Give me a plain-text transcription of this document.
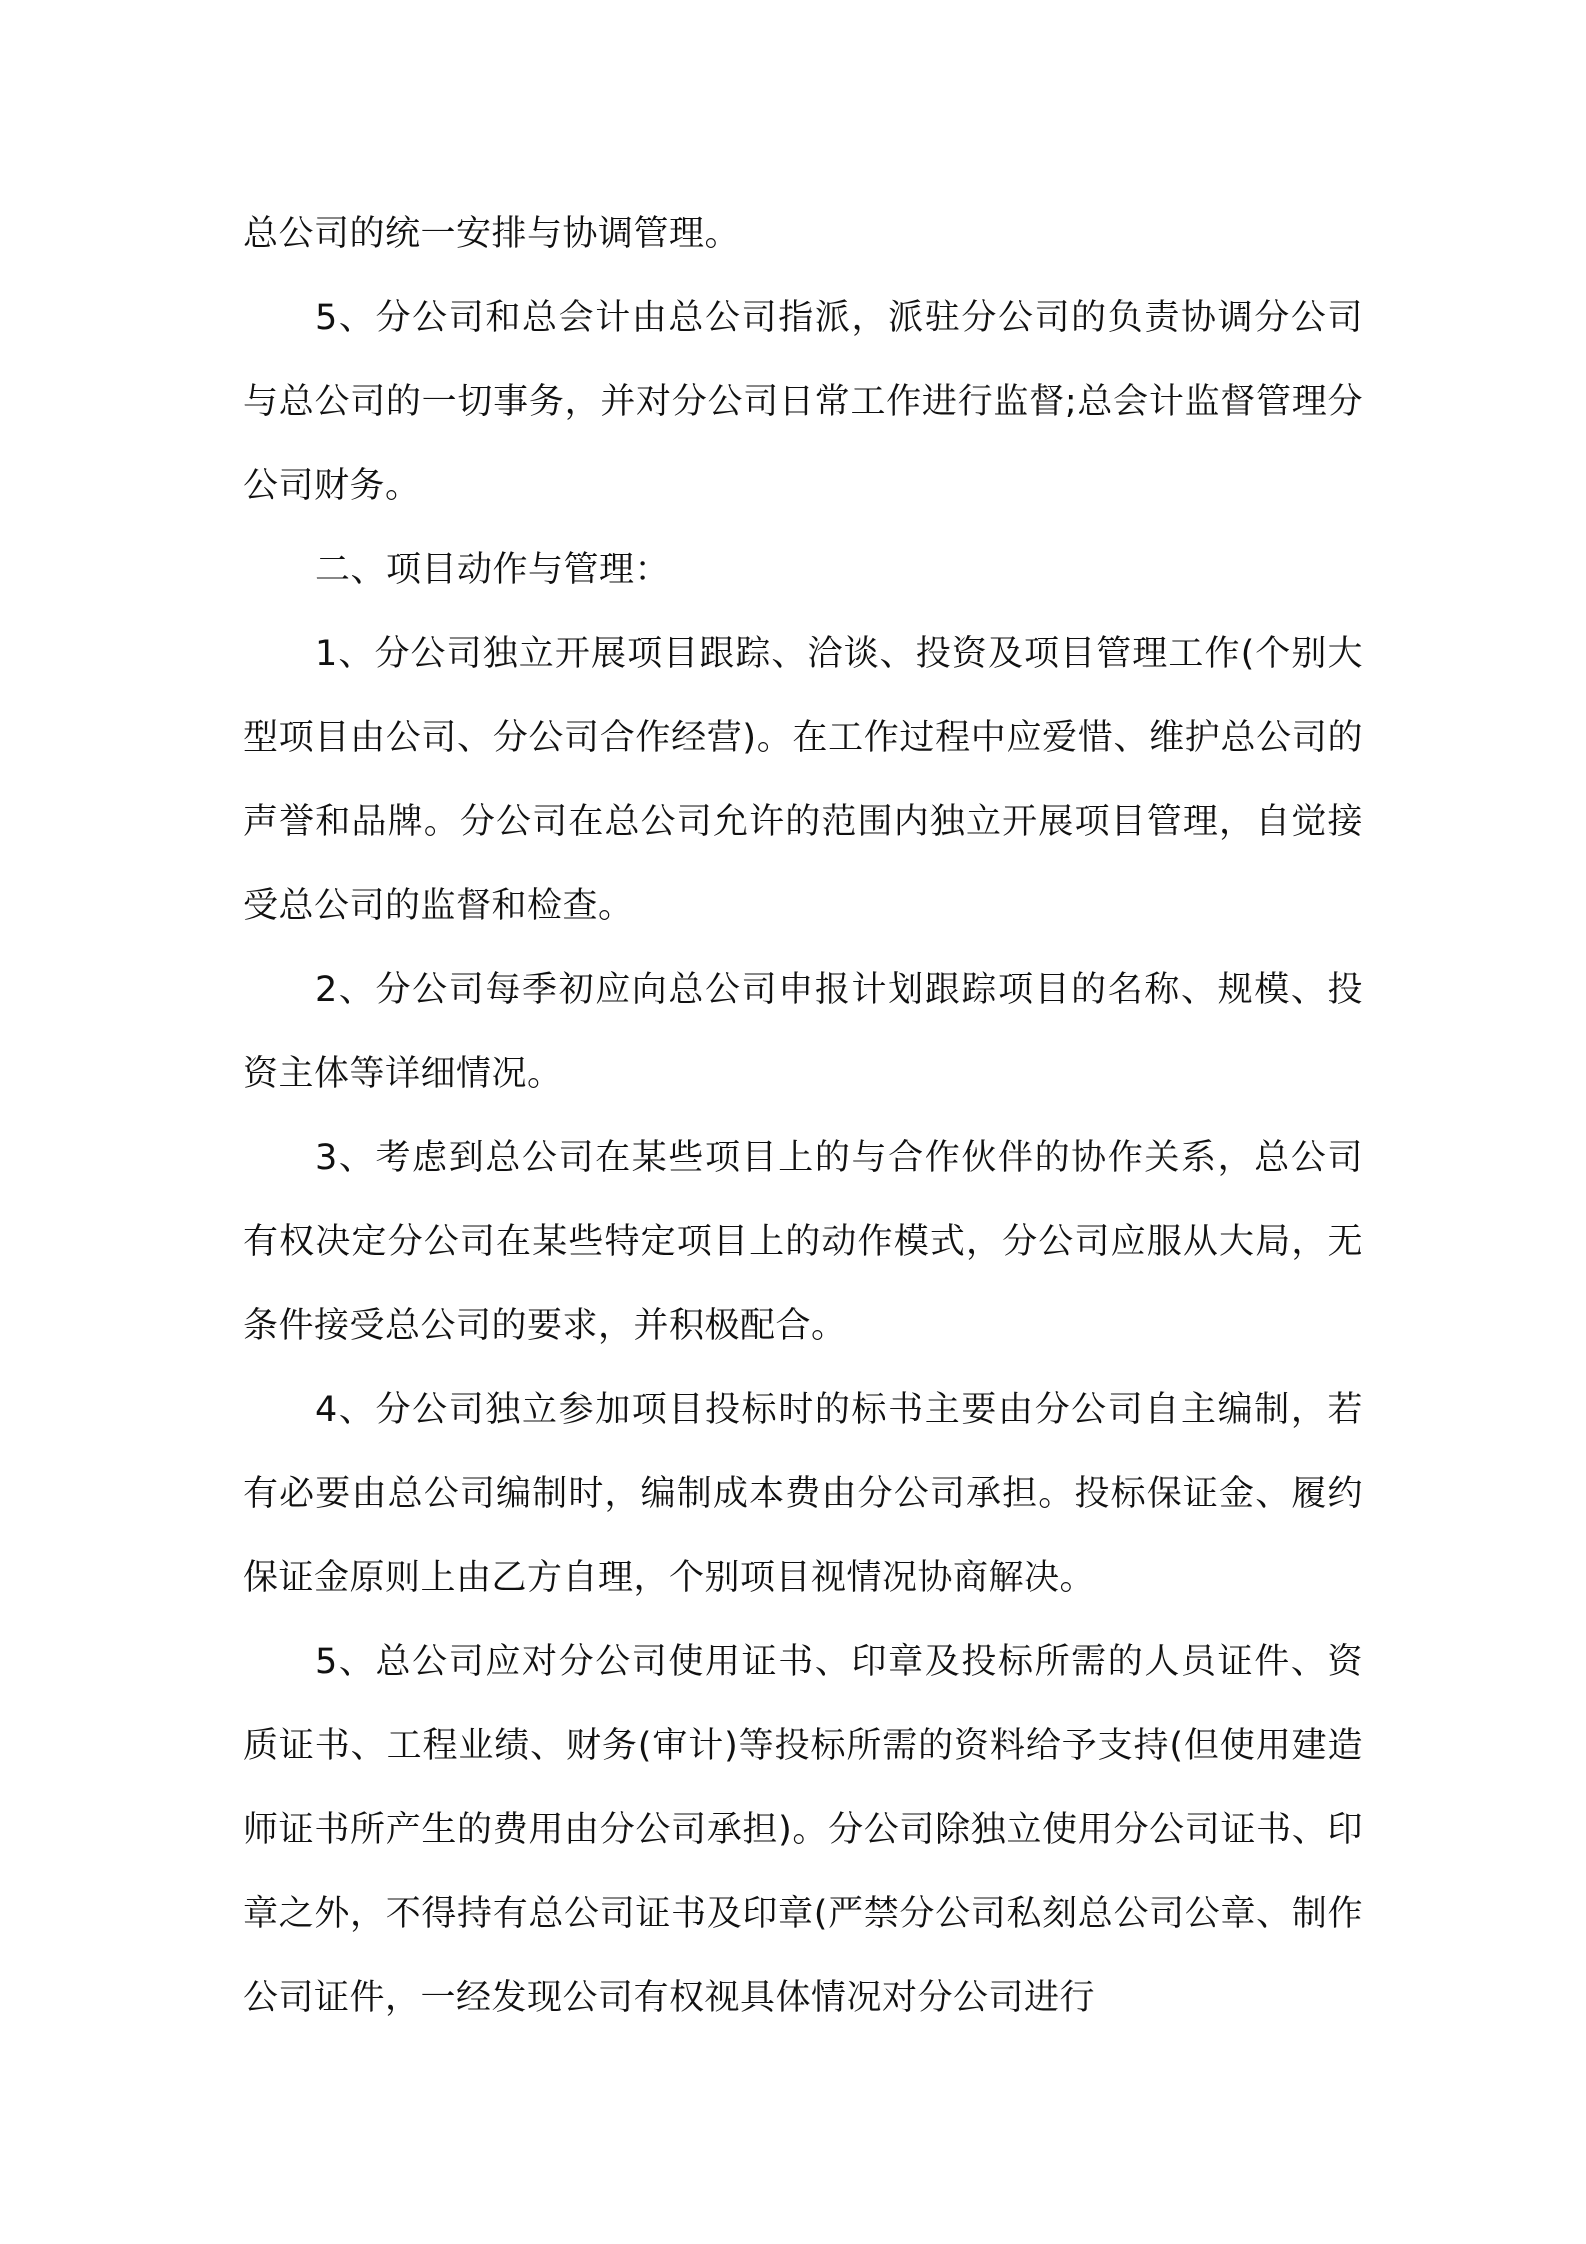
总公司的统一安排与协调管理。

5、分公司和总会计由总公司指派，派驻分公司的负责协调分公司与总公司的一切事务，并对分公司日常工作进行监督;总会计监督管理分公司财务。

二、项目动作与管理：

1、分公司独立开展项目跟踪、洽谈、投资及项目管理工作(个别大型项目由公司、分公司合作经营)。在工作过程中应爱惜、维护总公司的声誉和品牌。分公司在总公司允许的范围内独立开展项目管理，自觉接受总公司的监督和检查。

2、分公司每季初应向总公司申报计划跟踪项目的名称、规模、投资主体等详细情况。

3、考虑到总公司在某些项目上的与合作伙伴的协作关系，总公司有权决定分公司在某些特定项目上的动作模式，分公司应服从大局，无条件接受总公司的要求，并积极配合。

4、分公司独立参加项目投标时的标书主要由分公司自主编制，若有必要由总公司编制时，编制成本费由分公司承担。投标保证金、履约保证金原则上由乙方自理，个别项目视情况协商解决。

5、总公司应对分公司使用证书、印章及投标所需的人员证件、资质证书、工程业绩、财务(审计)等投标所需的资料给予支持(但使用建造师证书所产生的费用由分公司承担)。分公司除独立使用分公司证书、印章之外，不得持有总公司证书及印章(严禁分公司私刻总公司公章、制作公司证件，一经发现公司有权视具体情况对分公司进行
